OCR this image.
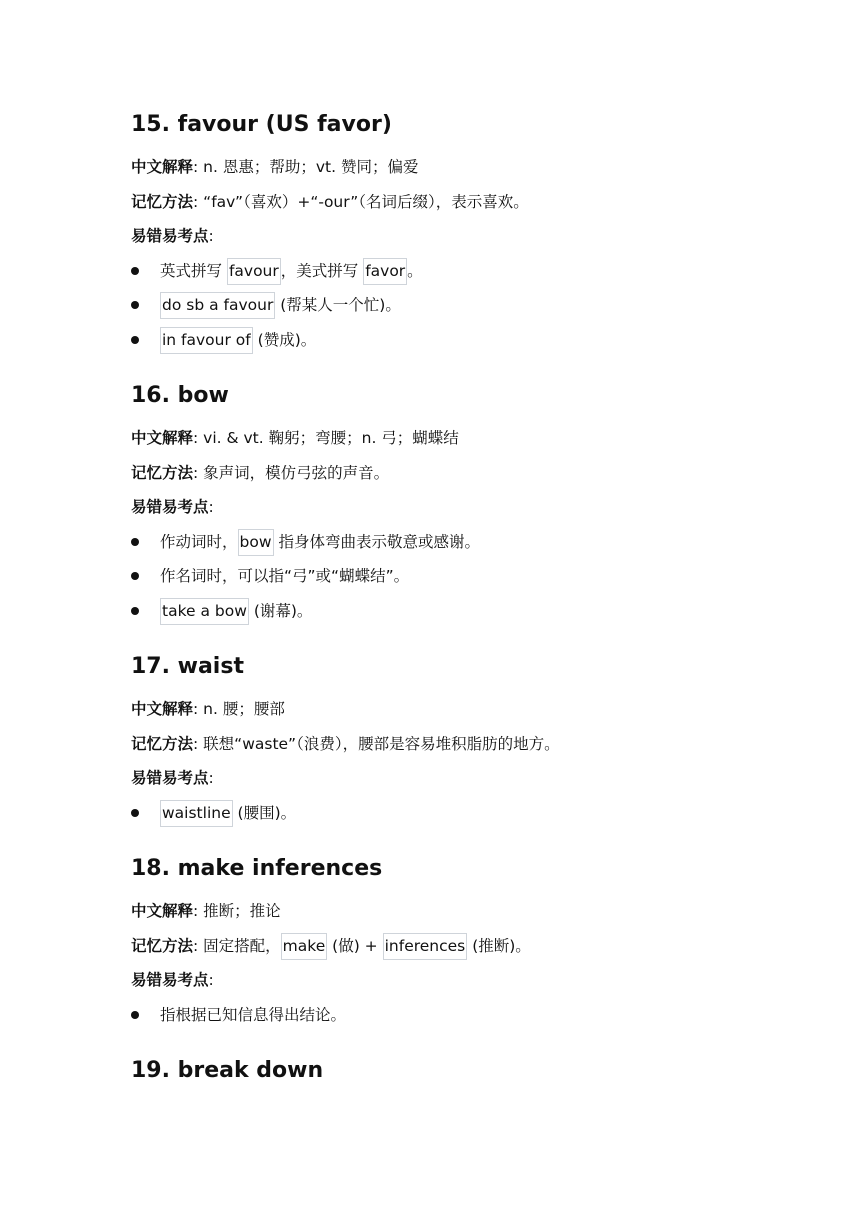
15. favour (US favor)
中文解释: n. 恩惠；帮助；vt. 赞同；偏爱
记忆方法: “fav”（喜欢）+“-our”（名词后缀），表示喜欢。
易错易考点:
英式拼写 favour ，美式拼写 favor 。
do sb a favour (帮某人一个忙)。
in favour of (赞成)。
16. bow
中文解释: vi. & vt. 鞠躬；弯腰；n. 弓；蝴蝶结
记忆方法: 象声词，模仿弓弦的声音。
易错易考点:
作动词时， bow 指身体弯曲表示敬意或感谢。
作名词时，可以指“弓”或“蝴蝶结”。
take a bow (谢幕)。
17. waist
中文解释: n. 腰；腰部
记忆方法: 联想“waste”（浪费），腰部是容易堆积脂肪的地方。
易错易考点:
waistline (腰围)。
18. make inferences
中文解释: 推断；推论
记忆方法: 固定搭配， make (做) + inferences (推断)。
易错易考点:
指根据已知信息得出结论。
19. break down
